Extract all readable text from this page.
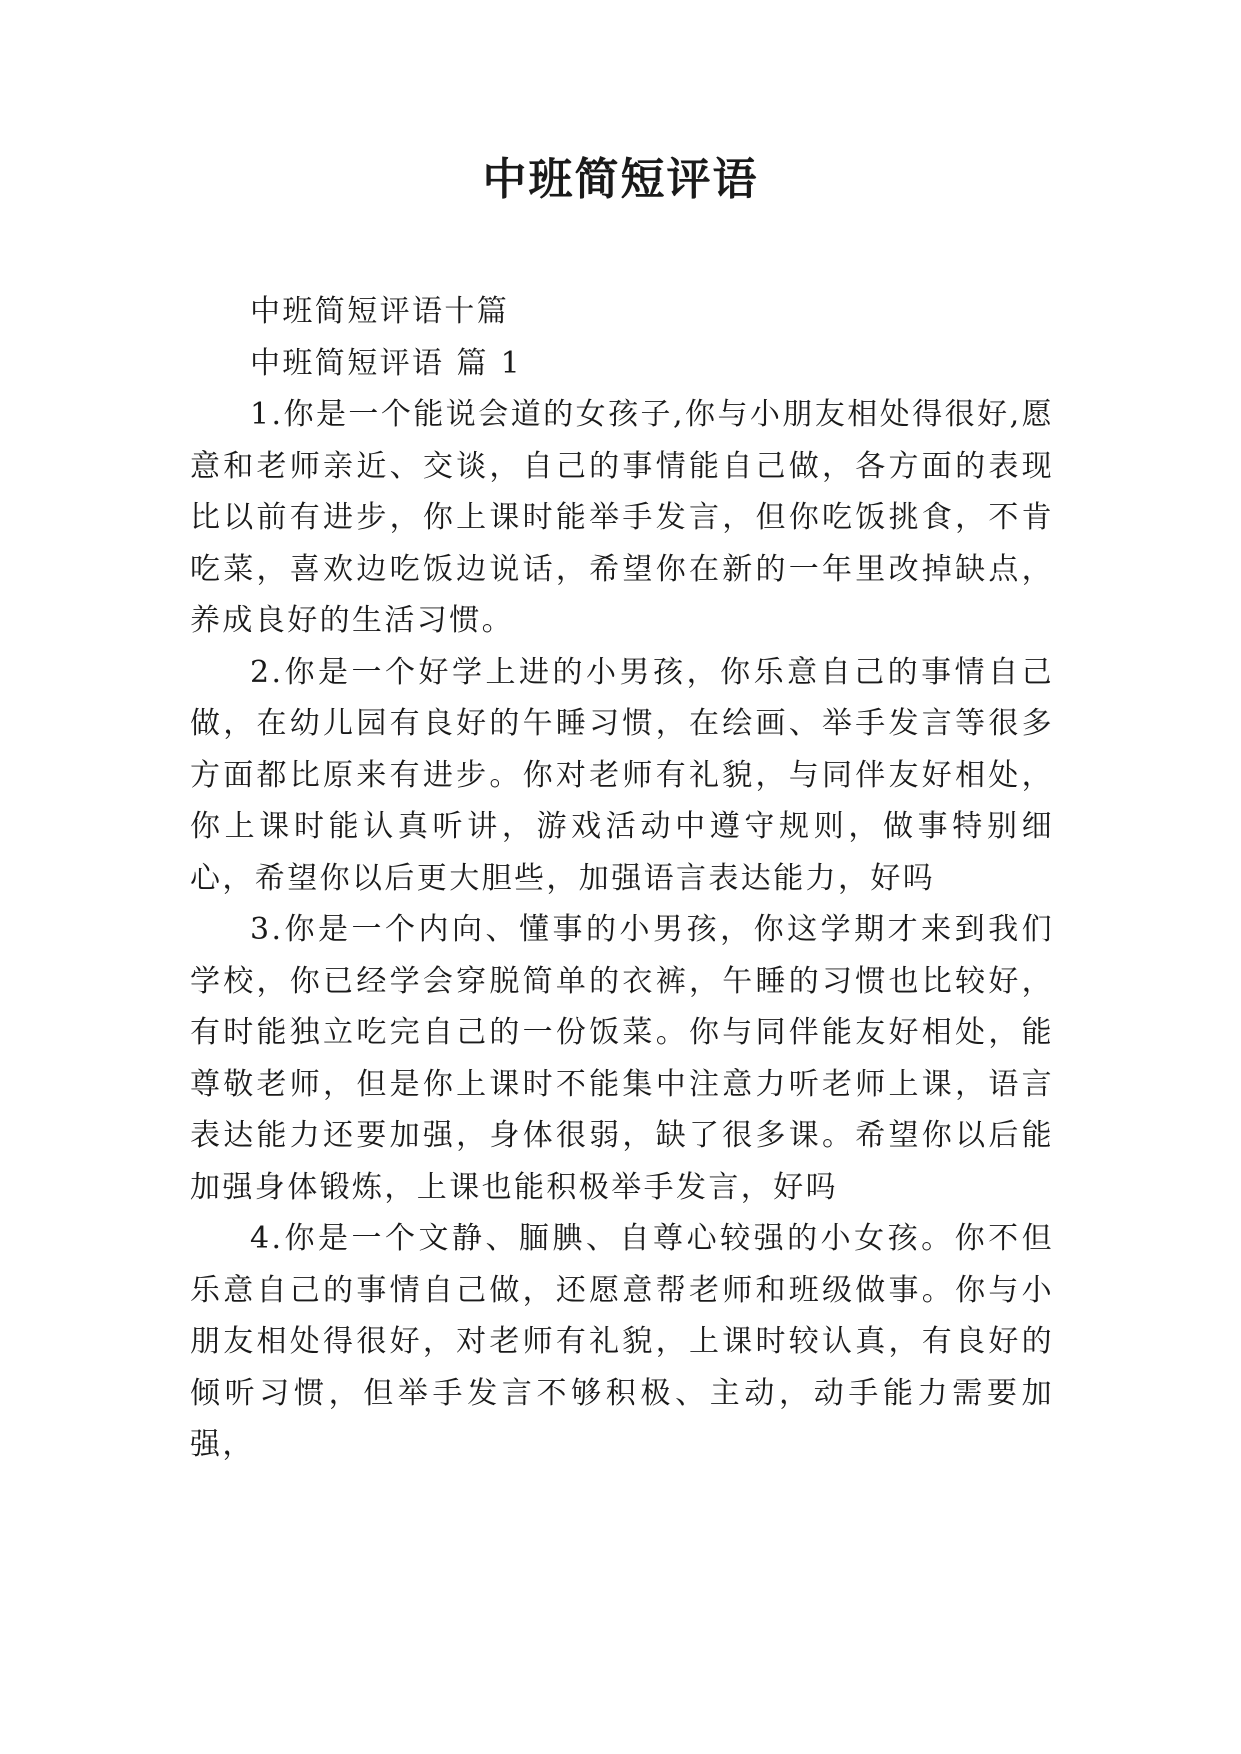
中班简短评语

中班简短评语十篇

中班简短评语 篇 1

1.你是一个能说会道的女孩子,你与小朋友相处得很好,愿意和老师亲近、交谈，自己的事情能自己做，各方面的表现比以前有进步，你上课时能举手发言，但你吃饭挑食，不肯吃菜，喜欢边吃饭边说话，希望你在新的一年里改掉缺点，养成良好的生活习惯。

2.你是一个好学上进的小男孩，你乐意自己的事情自己做，在幼儿园有良好的午睡习惯，在绘画、举手发言等很多方面都比原来有进步。你对老师有礼貌，与同伴友好相处，你上课时能认真听讲，游戏活动中遵守规则，做事特别细心，希望你以后更大胆些，加强语言表达能力，好吗

3.你是一个内向、懂事的小男孩，你这学期才来到我们学校，你已经学会穿脱简单的衣裤，午睡的习惯也比较好，有时能独立吃完自己的一份饭菜。你与同伴能友好相处，能尊敬老师，但是你上课时不能集中注意力听老师上课，语言表达能力还要加强，身体很弱，缺了很多课。希望你以后能加强身体锻炼，上课也能积极举手发言，好吗

4.你是一个文静、腼腆、自尊心较强的小女孩。你不但乐意自己的事情自己做，还愿意帮老师和班级做事。你与小朋友相处得很好，对老师有礼貌，上课时较认真，有良好的倾听习惯，但举手发言不够积极、主动，动手能力需要加强，
